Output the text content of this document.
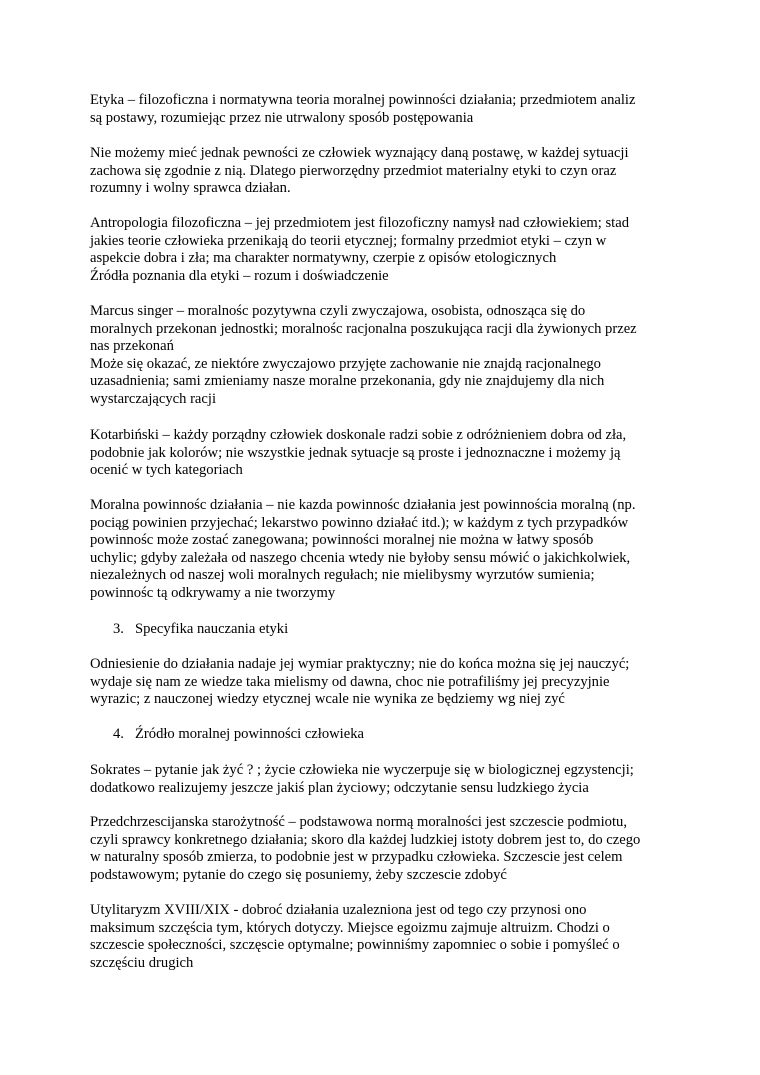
Etyka – filozoficzna i normatywna teoria moralnej powinności działania; przedmiotem analiz
są postawy, rozumiejąc przez nie utrwalony sposób postępowania
Nie możemy mieć jednak pewności ze człowiek wyznający daną postawę, w każdej sytuacji
zachowa się zgodnie z nią. Dlatego pierworzędny przedmiot materialny etyki to czyn oraz
rozumny i wolny sprawca działan.
Antropologia filozoficzna – jej przedmiotem jest filozoficzny namysł nad człowiekiem; stad
jakies teorie człowieka przenikają do teorii etycznej; formalny przedmiot etyki – czyn w
aspekcie dobra i zła; ma charakter normatywny, czerpie z opisów etologicznych
Źródła poznania dla etyki – rozum i doświadczenie
Marcus singer – moralnośc pozytywna czyli zwyczajowa, osobista, odnosząca się do
moralnych przekonan jednostki; moralnośc racjonalna poszukująca racji dla żywionych przez
nas przekonań
Może się okazać, ze niektóre zwyczajowo przyjęte zachowanie nie znajdą racjonalnego
uzasadnienia; sami zmieniamy nasze moralne przekonania, gdy nie znajdujemy dla nich
wystarczających racji
Kotarbiński – każdy porządny człowiek doskonale radzi sobie z odróżnieniem dobra od zła,
podobnie jak kolorów; nie wszystkie jednak sytuacje są proste i jednoznaczne i możemy ją
ocenić w tych kategoriach
Moralna powinnośc działania – nie kazda powinnośc działania jest powinnościa moralną (np.
pociąg powinien przyjechać; lekarstwo powinno działać itd.); w każdym z tych przypadków
powinnośc może zostać zanegowana; powinności moralnej nie można w łatwy sposób
uchylic; gdyby zależała od naszego chcenia wtedy nie byłoby sensu mówić o jakichkolwiek,
niezależnych od naszej woli moralnych regułach; nie mielibysmy wyrzutów sumienia;
powinnośc tą odkrywamy a nie tworzymy
3. Specyfika nauczania etyki
Odniesienie do działania nadaje jej wymiar praktyczny; nie do końca można się jej nauczyć;
wydaje się nam ze wiedze taka mielismy od dawna, choc nie potrafiliśmy jej precyzyjnie
wyrazic; z nauczonej wiedzy etycznej wcale nie wynika ze będziemy wg niej zyć
4. Źródło moralnej powinności człowieka
Sokrates – pytanie jak żyć ? ; życie człowieka nie wyczerpuje się w biologicznej egzystencji;
dodatkowo realizujemy jeszcze jakiś plan życiowy; odczytanie sensu ludzkiego życia
Przedchrzescijanska starożytność – podstawowa normą moralności jest szczescie podmiotu,
czyli sprawcy konkretnego działania; skoro dla każdej ludzkiej istoty dobrem jest to, do czego
w naturalny sposób zmierza, to podobnie jest w przypadku człowieka. Szczescie jest celem
podstawowym; pytanie do czego się posuniemy, żeby szczescie zdobyć
Utylitaryzm XVIII/XIX - dobroć działania uzalezniona jest od tego czy przynosi ono
maksimum szczęścia tym, których dotyczy. Miejsce egoizmu zajmuje altruizm. Chodzi o
szczescie społeczności, szczęscie optymalne; powinniśmy zapomniec o sobie i pomyśleć o
szczęściu drugich
